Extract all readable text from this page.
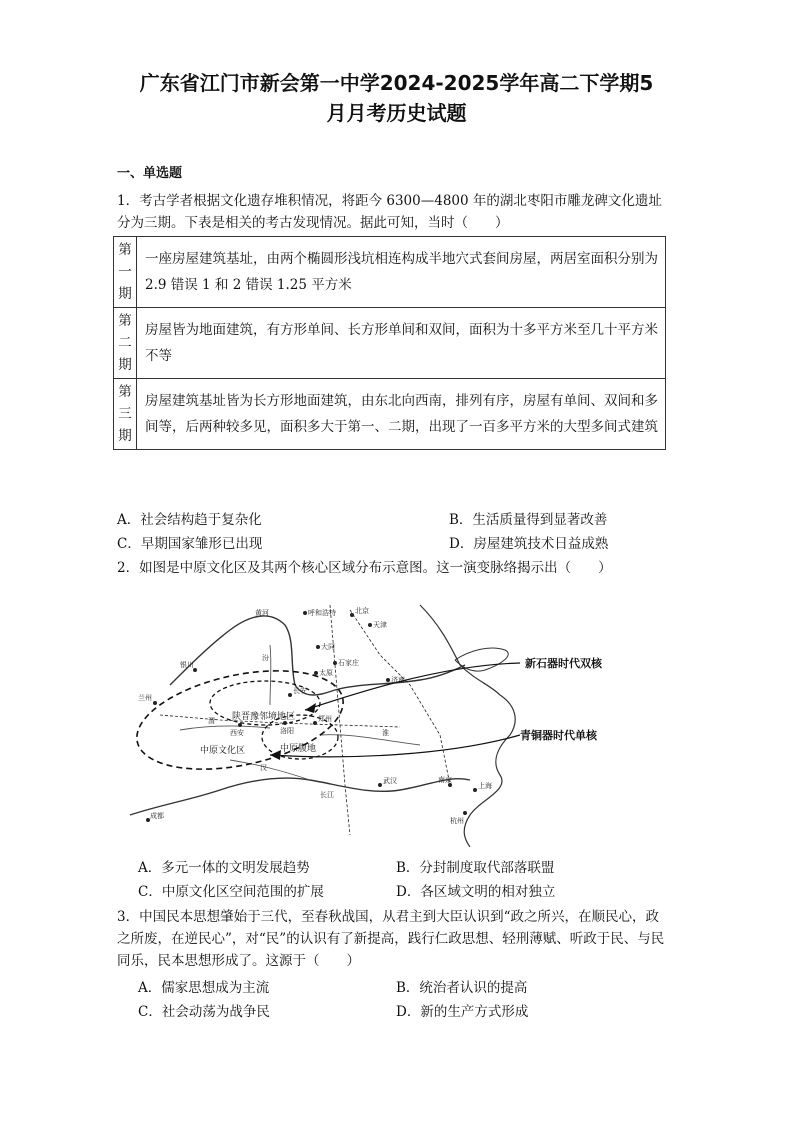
广东省江门市新会第一中学2024-2025学年高二下学期5
月月考历史试题
一、单选题
1．考古学者根据文化遗存堆积情况，将距今 6300—4800 年的湖北枣阳市雕龙碑文化遗址分为三期。下表是相关的考古发现情况。据此可知，当时（　　）
第一期	一座房屋建筑基址，由两个椭圆形浅坑相连构成半地穴式套间房屋，两居室面积分别为 2.9 错误 1 和 2 错误 1.25 平方米
第二期	房屋皆为地面建筑，有方形单间、长方形单间和双间，面积为十多平方米至几十平方米不等
第三期	房屋建筑基址皆为长方形地面建筑，由东北向西南，排列有序，房屋有单间、双间和多间等，后两种较多见，面积多大于第一、二期，出现了一百多平方米的大型多间式建筑
A．社会结构趋于复杂化	B．生活质量得到显著改善
C．早期国家雏形已出现	D．房屋建筑技术日益成熟
2．如图是中原文化区及其两个核心区域分布示意图。这一演变脉络揭示出（　　）
呼和浩特	北京
天津
大同
石家庄
太原
济南
银川
兰州
西安	洛阳
郑州
长安
武汉	南京
上海
杭州
成都
黄河
长江
渭
汾
淮
汉
陕晋豫邻境地区
中原文化区	中原腹地
新石器时代双核
青铜器时代单核
A．多元一体的文明发展趋势	B．分封制度取代部落联盟
C．中原文化区空间范围的扩展	D．各区域文明的相对独立
3．中国民本思想肇始于三代，至春秋战国，从君主到大臣认识到“政之所兴，在顺民心，政之所废，在逆民心”，对“民”的认识有了新提高，践行仁政思想、轻刑薄赋、听政于民、与民同乐，民本思想形成了。这源于（　　）
A．儒家思想成为主流	B．统治者认识的提高
C．社会动荡为战争民	D．新的生产方式形成
